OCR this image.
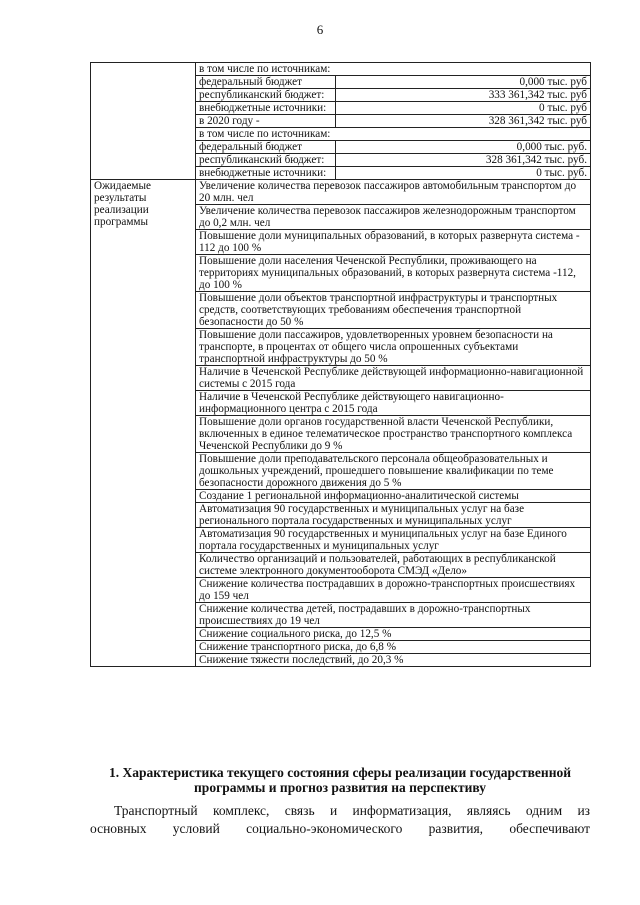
6
	в том числе по источникам:	
	федеральный бюджет	0,000 тыс. руб
	республиканский бюджет:	333 361,342 тыс. руб
	внебюджетные источники:	0 тыс. руб
	в 2020 году -	328 361,342 тыс. руб
	в том числе по источникам:	
	федеральный бюджет	0,000 тыс. руб.
	республиканский бюджет:	328 361,342 тыс. руб.
	внебюджетные источники:	0 тыс. руб.
Ожидаемые результаты реализации программы	Увеличение количества перевозок пассажиров автомобильным транспортом до 20 млн. чел	
	Увеличение количества перевозок пассажиров железнодорожным транспортом до 0,2 млн. чел	
	Повышение доли муниципальных образований, в которых развернута система - 112 до 100 %	
	Повышение доли населения Чеченской Республики, проживающего на территориях муниципальных образований, в которых развернута система -112, до 100 %	
	Повышение доли объектов транспортной инфраструктуры и транспортных средств, соответствующих требованиям обеспечения транспортной безопасности до 50 %	
	Повышение доли пассажиров, удовлетворенных уровнем безопасности на транспорте, в процентах от общего числа опрошенных субъектами транспортной инфраструктуры до 50 %	
	Наличие в Чеченской Республике действующей информационно-навигационной системы с 2015 года	
	Наличие в Чеченской Республике действующего навигационно-информационного центра с 2015 года	
	Повышение доли органов государственной власти Чеченской Республики, включенных в единое телематическое пространство транспортного комплекса Чеченской Республики до 9 %	
	Повышение доли преподавательского персонала общеобразовательных и дошкольных учреждений, прошедшего повышение квалификации по теме безопасности дорожного движения до 5 %	
	Создание 1 региональной информационно-аналитической системы	
	Автоматизация 90 государственных и муниципальных услуг на базе регионального портала государственных и муниципальных услуг	
	Автоматизация 90 государственных и муниципальных услуг на базе Единого портала государственных и муниципальных услуг	
	Количество организаций и пользователей, работающих в республиканской системе электронного документооборота СМЭД «Дело»	
	Снижение количества пострадавших в дорожно-транспортных происшествиях до 159 чел	
	Снижение количества детей, пострадавших в дорожно-транспортных происшествиях до 19 чел	
	Снижение социального риска, до 12,5 %	
	Снижение транспортного риска, до 6,8 %	
	Снижение тяжести последствий, до 20,3 %	
1. Характеристика текущего состояния сферы реализации государственной программы и прогноз развития на перспективу
Транспортный комплекс, связь и информатизация, являясь одним из
основных условий социально-экономического развития, обеспечивают
